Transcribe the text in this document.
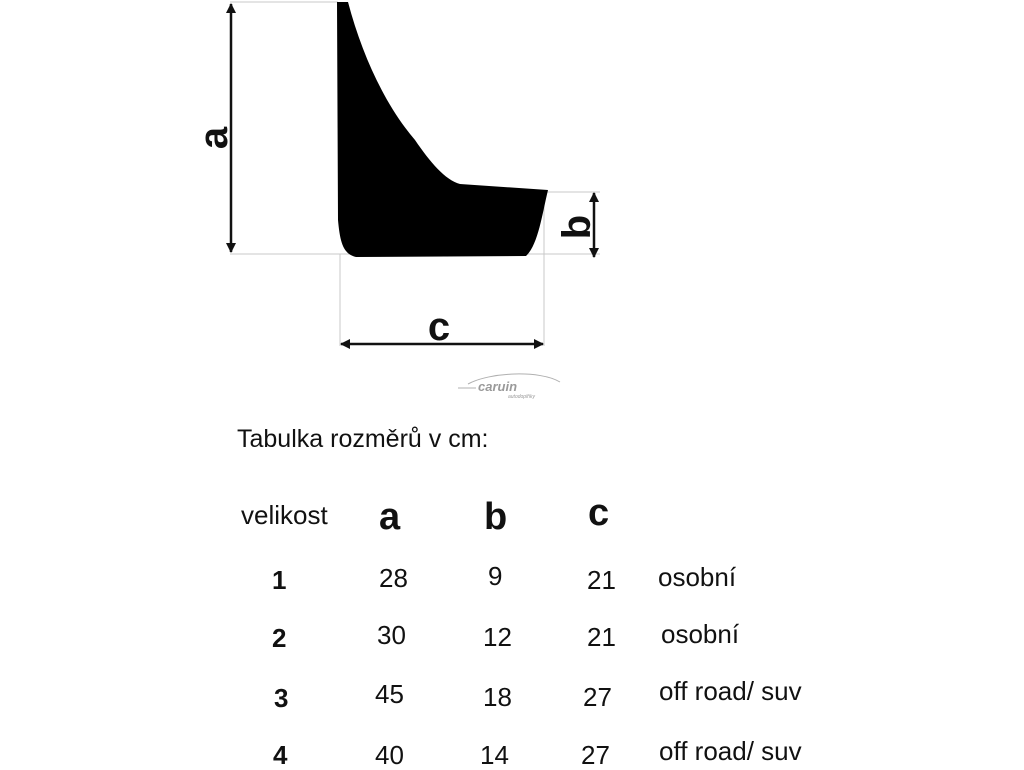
a
b
c
caruin
autodoplňky
Tabulka rozměrů v cm:
velikost a b c
1	28	9	21 osobní
2	30	12	21 osobní
3	45	18	27 off road/ suv
4	40	14	27 off road/ suv
